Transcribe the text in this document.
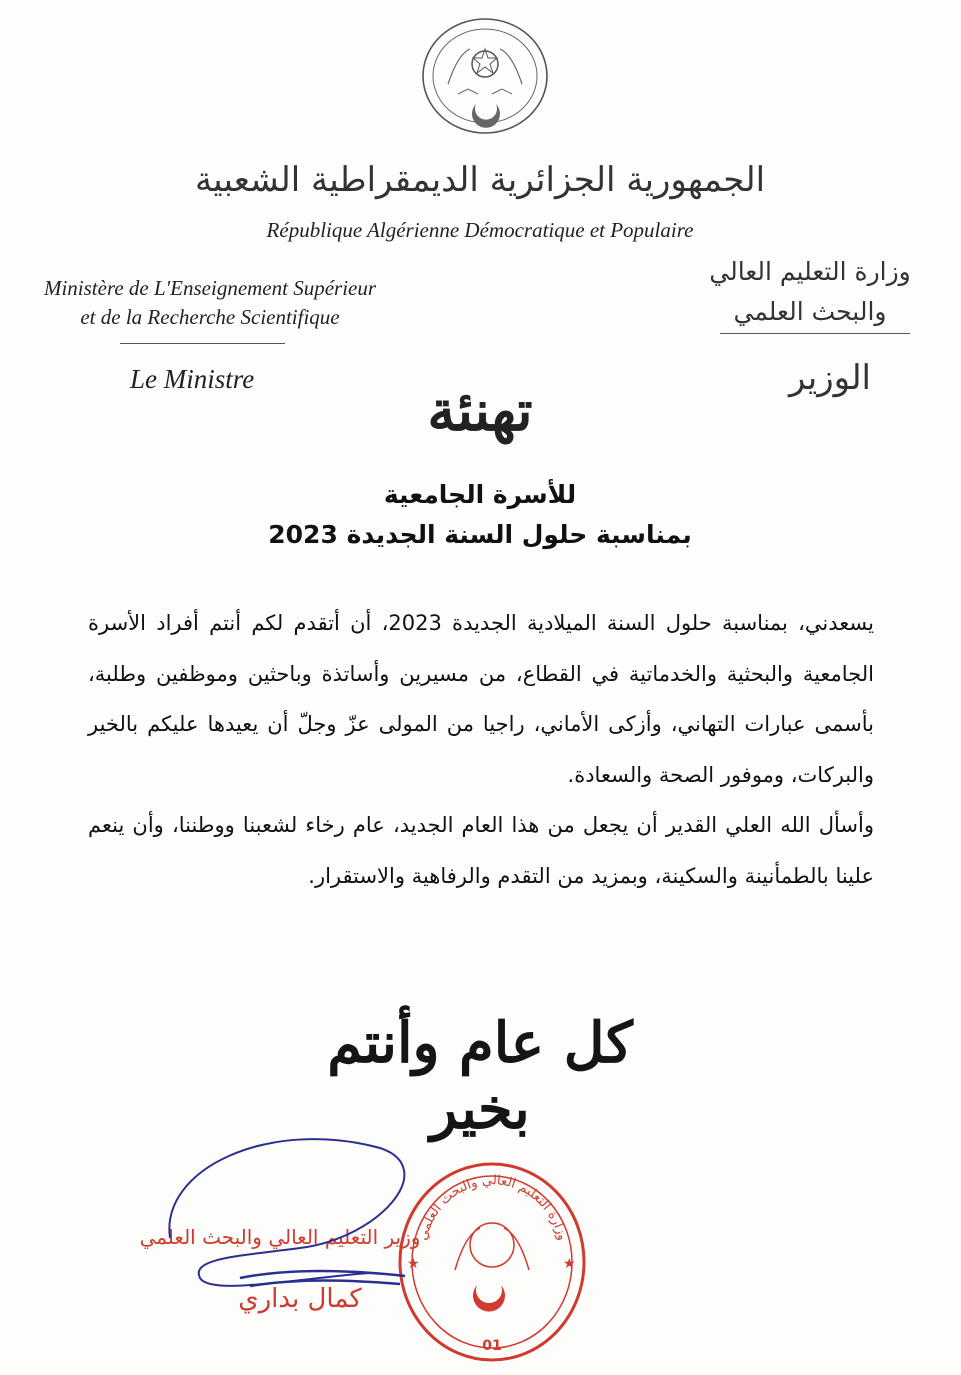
الجمهورية الجزائرية الديمقراطية الشعبية
République Algérienne Démocratique et Populaire
Ministère de L'Enseignement Supérieur
et de la Recherche Scientifique
وزارة التعليم العالي
والبحث العلمي
Le Ministre	الوزير
تهنئة
للأسرة الجامعية
بمناسبة حلول السنة الجديدة 2023

يسعدني، بمناسبة حلول السنة الميلادية الجديدة 2023، أن أتقدم لكم أنتم أفراد الأسرة الجامعية والبحثية والخدماتية في القطاع، من مسيرين وأساتذة وباحثين وموظفين وطلبة، بأسمى عبارات التهاني، وأزكى الأماني، راجيا من المولى عزّ وجلّ أن يعيدها عليكم بالخير والبركات، وموفور الصحة والسعادة.

وأسأل الله العلي القدير أن يجعل من هذا العام الجديد، عام رخاء لشعبنا ووطننا، وأن ينعم علينا بالطمأنينة والسكينة، وبمزيد من التقدم والرفاهية والاستقرار.

كل عام وأنتم بخير
وزارة التعليم العالي والبحث العلمي
★	★
01
وزير التعليم العالي والبحث العلمي
كمال بداري
